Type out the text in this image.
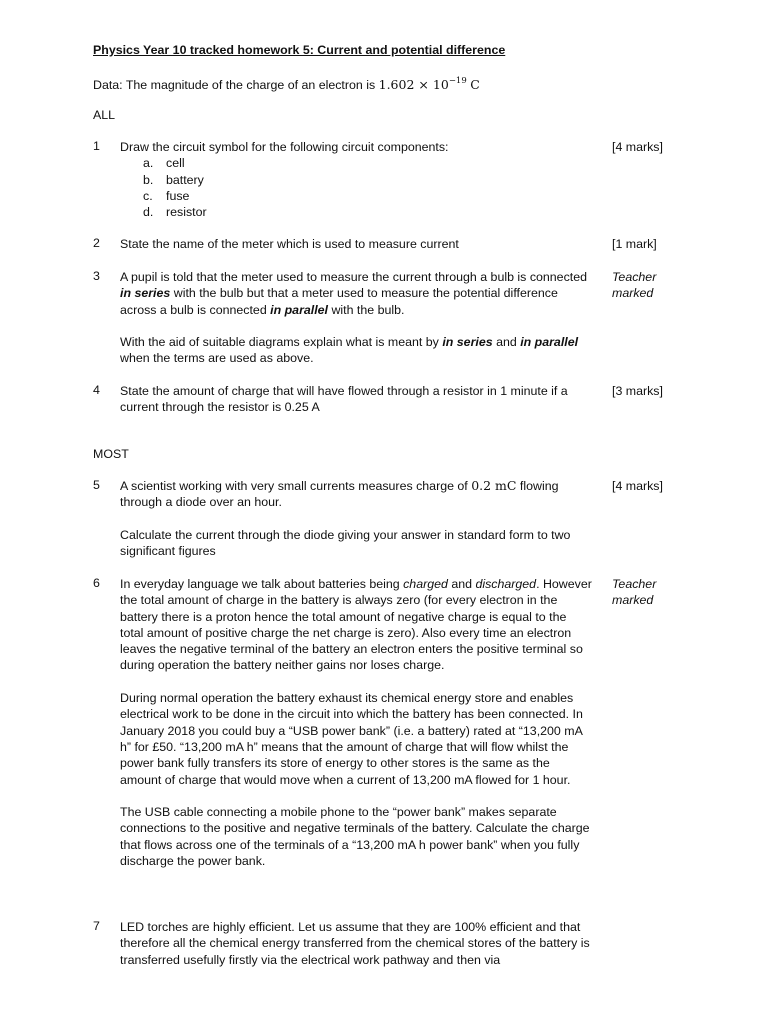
Physics Year 10 tracked homework 5: Current and potential difference
Data: The magnitude of the charge of an electron is $1.602 \times 10^{-19}$ C
ALL
1 Draw the circuit symbol for the following circuit components:
a. cell
b. battery
c. fuse
d. resistor
[4 marks]
2 State the name of the meter which is used to measure current	[1 mark]
3 A pupil is told that the meter used to measure the current through a bulb is connected in series with the bulb but that a meter used to measure the potential difference across a bulb is connected in parallel with the bulb.

With the aid of suitable diagrams explain what is meant by in series and in parallel when the terms are used as above.

Teacher
marked
4 State the amount of charge that will have flowed through a resistor in 1 minute if a current through the resistor is 0.25 A
[3 marks]
MOST
5 A scientist working with very small currents measures charge of 0.2 mC flowing through a diode over an hour.

Calculate the current through the diode giving your answer in standard form to two significant figures

[4 marks]
6 In everyday language we talk about batteries being charged and discharged. However the total amount of charge in the battery is always zero (for every electron in the battery there is a proton hence the total amount of negative charge is equal to the total amount of positive charge the net charge is zero). Also every time an electron leaves the negative terminal of the battery an electron enters the positive terminal so during operation the battery neither gains nor loses charge.

During normal operation the battery exhaust its chemical energy store and enables electrical work to be done in the circuit into which the battery has been connected. In January 2018 you could buy a “USB power bank” (i.e. a battery) rated at “13,200 mA h” for £50. “13,200 mA h” means that the amount of charge that will flow whilst the power bank fully transfers its store of energy to other stores is the same as the amount of charge that would move when a current of 13,200 mA flowed for 1 hour.

The USB cable connecting a mobile phone to the “power bank” makes separate connections to the positive and negative terminals of the battery. Calculate the charge that flows across one of the terminals of a “13,200 mA h power bank” when you fully discharge the power bank.

Teacher
marked
7 LED torches are highly efficient. Let us assume that they are 100% efficient and that therefore all the chemical energy transferred from the chemical stores of the battery is transferred usefully firstly via the electrical work pathway and then via
